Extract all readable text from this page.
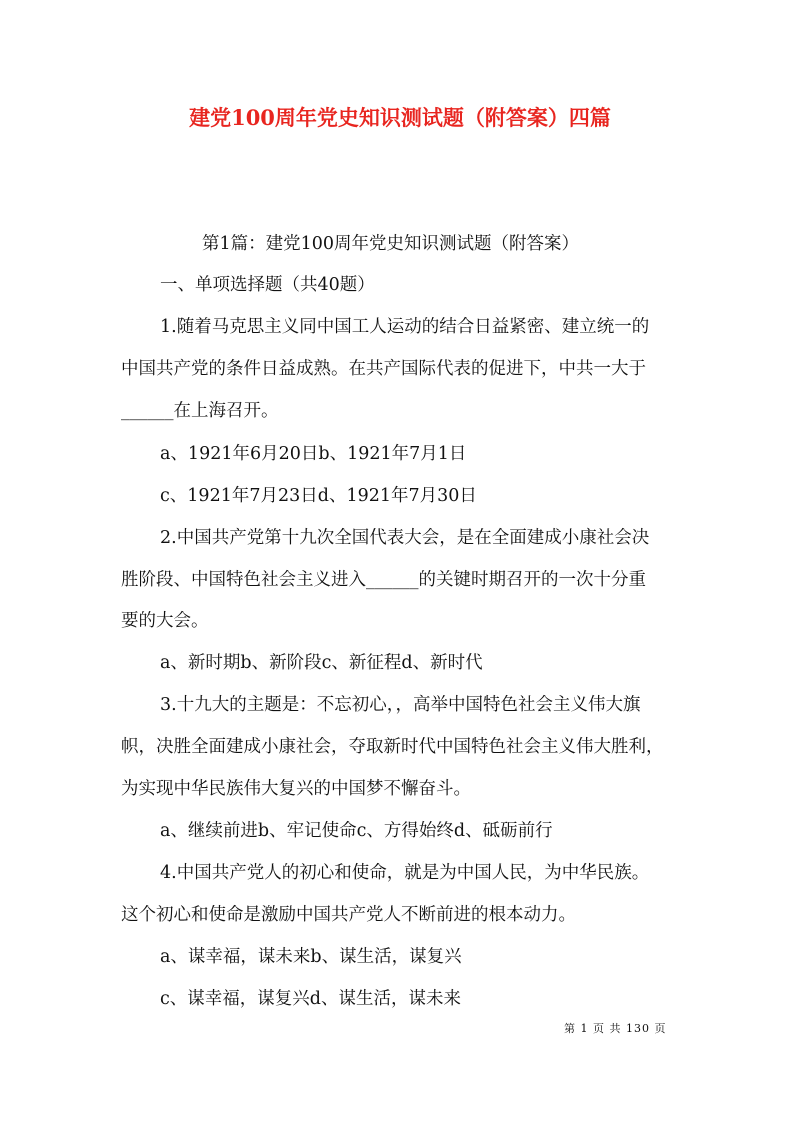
建党100周年党史知识测试题（附答案）四篇
第1篇：建党100周年党史知识测试题（附答案）
一、单项选择题（共40题）
1.随着马克思主义同中国工人运动的结合日益紧密、建立统一的
中国共产党的条件日益成熟。在共产国际代表的促进下，中共一大于
______在上海召开。
a、1921年6月20日b、1921年7月1日
c、1921年7月23日d、1921年7月30日
2.中国共产党第十九次全国代表大会，是在全面建成小康社会决
胜阶段、中国特色社会主义进入______的关键时期召开的一次十分重
要的大会。
a、新时期b、新阶段c、新征程d、新时代
3.十九大的主题是：不忘初心，，高举中国特色社会主义伟大旗
帜，决胜全面建成小康社会，夺取新时代中国特色社会主义伟大胜利，
为实现中华民族伟大复兴的中国梦不懈奋斗。
a、继续前进b、牢记使命c、方得始终d、砥砺前行
4.中国共产党人的初心和使命，就是为中国人民，为中华民族。
这个初心和使命是激励中国共产党人不断前进的根本动力。
a、谋幸福，谋未来b、谋生活，谋复兴
c、谋幸福，谋复兴d、谋生活，谋未来
第 1 页 共 130 页
